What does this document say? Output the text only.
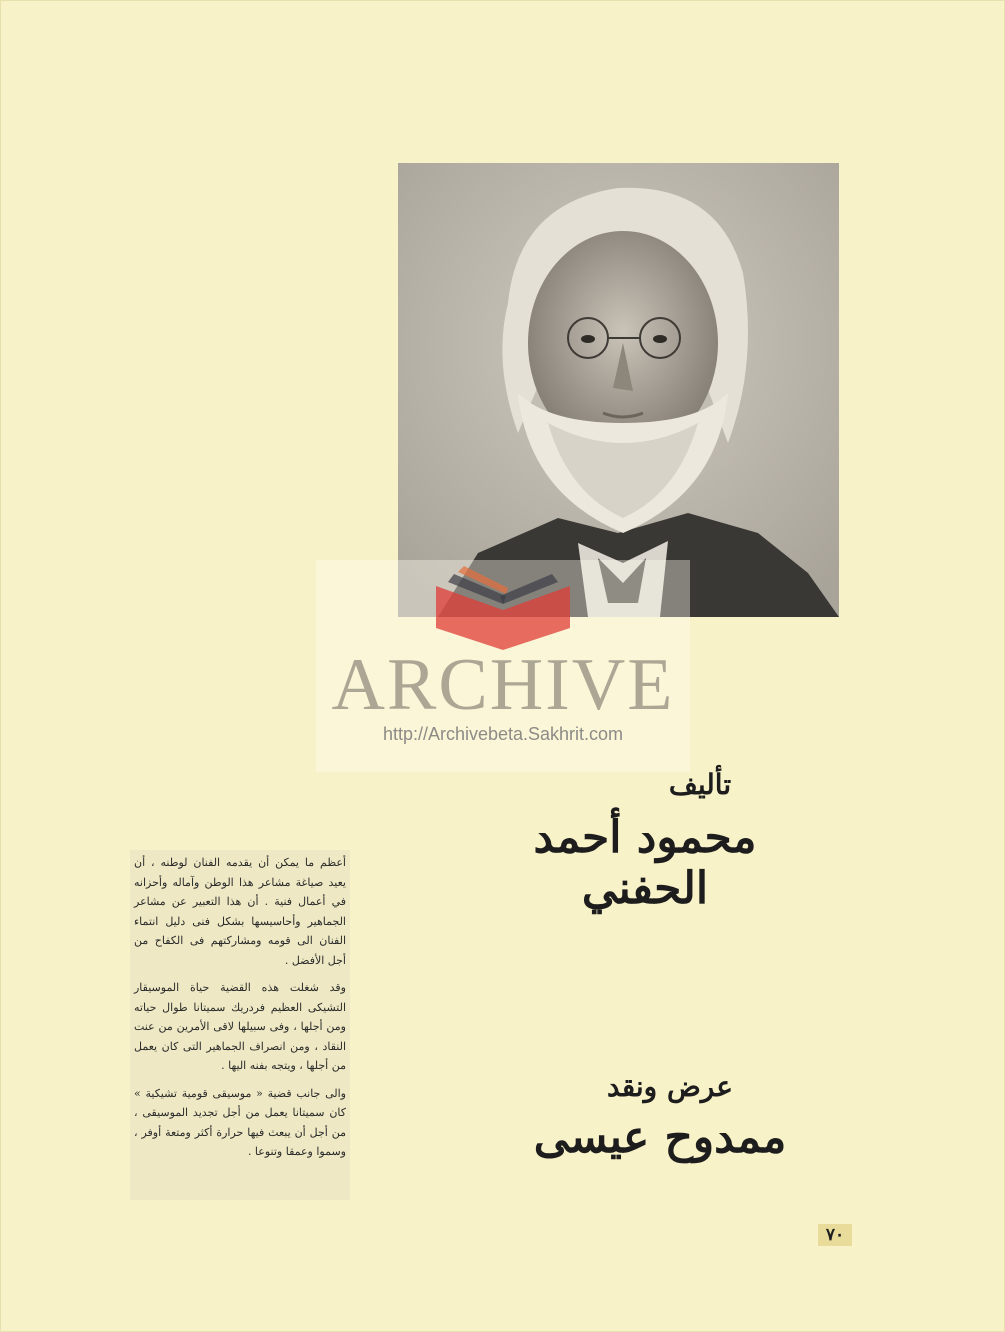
ARCHIVE
http://Archivebeta.Sakhrit.com
تأليف
محمود أحمد الحفني
عرض ونقد
ممدوح عيسى

أعظم ما يمكن أن يقدمه الفنان لوطنه ، أن يعيد صياغة مشاعر هذا الوطن وآماله وأحزانه في أعمال فنية . أن هذا التعبير عن مشاعر الجماهير وأحاسيسها بشكل فنى دليل انتماء الفنان الى قومه ومشاركتهم فى الكفاح من أجل الأفضل .

وقد شغلت هذه القضية حياة الموسيقار التشيكى العظيم فردريك سميتانا طوال حياته ومن أجلها ، وفى سبيلها لاقى الأمرين من عنت النقاد ، ومن انصراف الجماهير التى كان يعمل من أجلها ، ويتجه بفنه اليها .

والى جانب قضية « موسيقى قومية تشيكية » كان سميتانا يعمل من أجل تجديد الموسيقى ، من أجل أن يبعث فيها حرارة أكثر ومتعة أوفر ، وسموا وعمقا وتنوعا .

٧٠
